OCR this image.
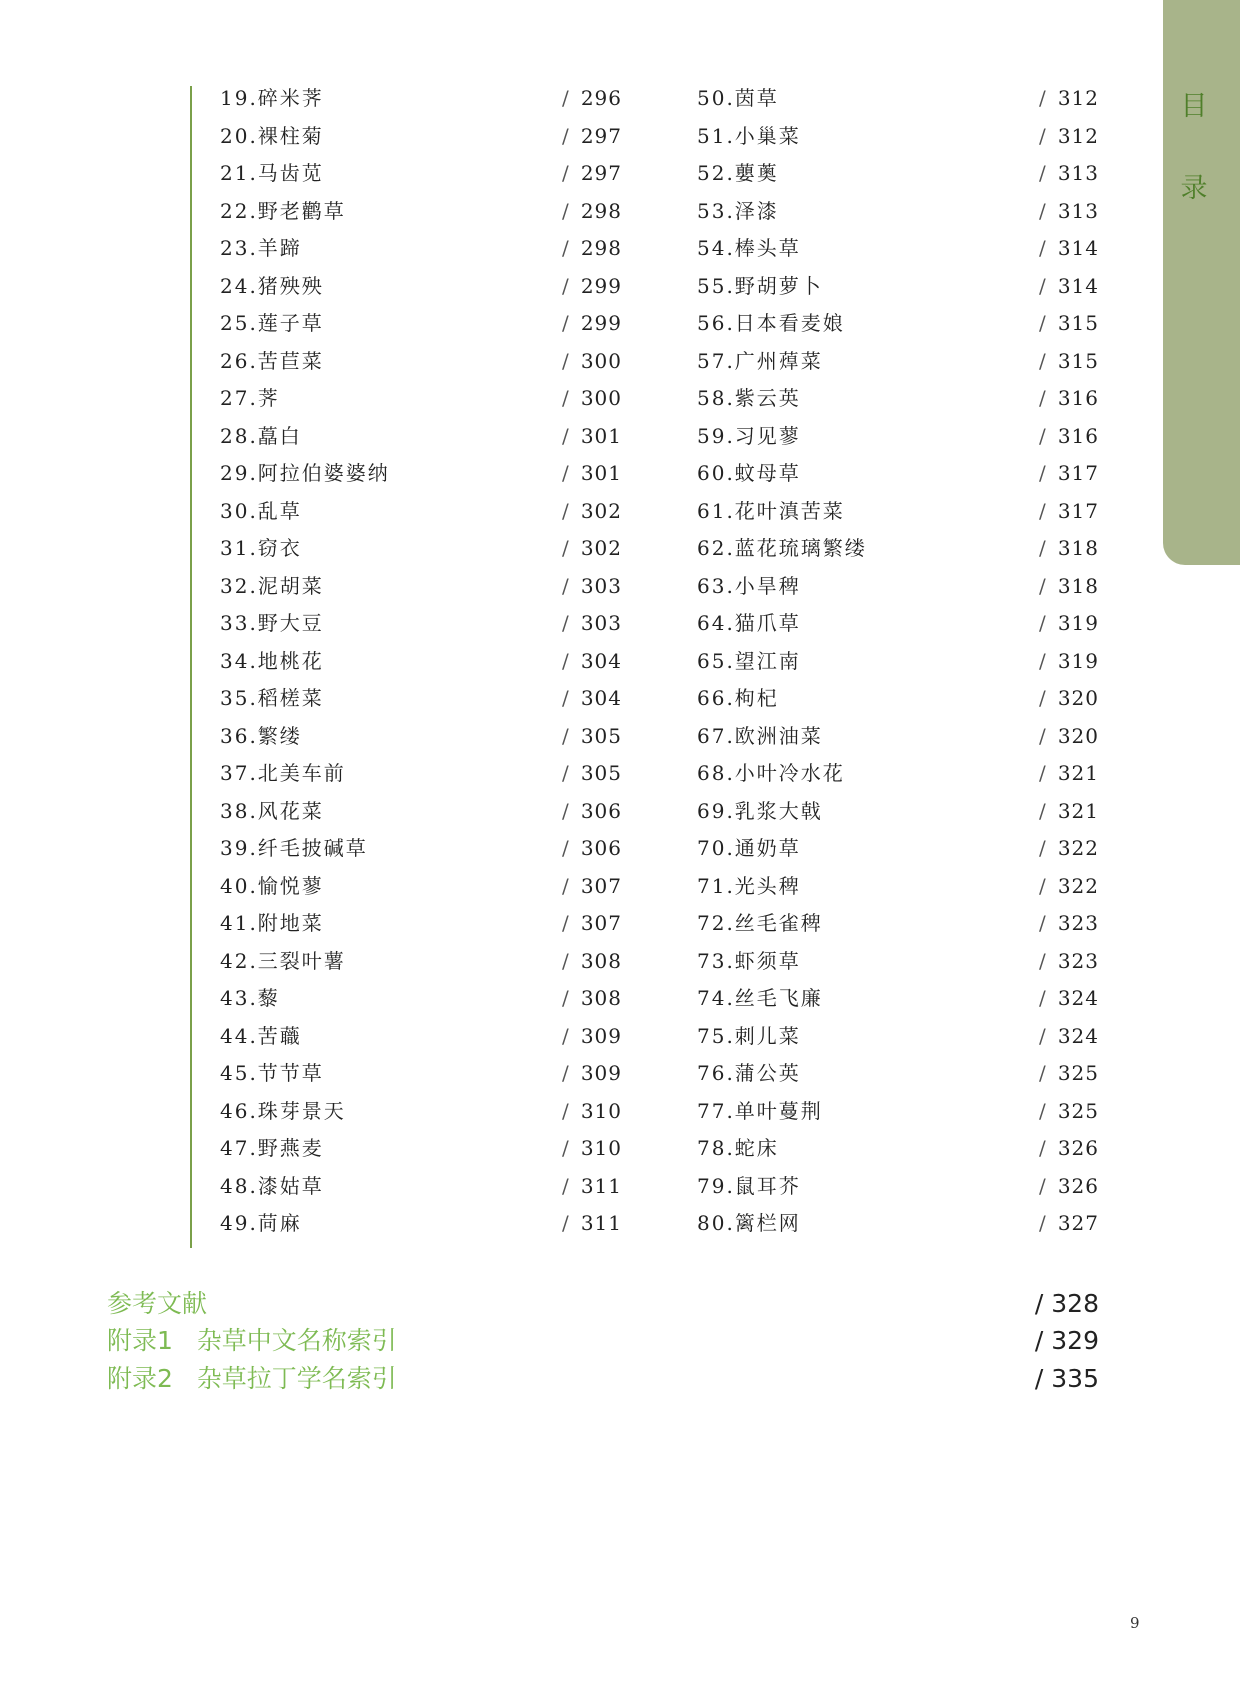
目
录
19.碎米荠	/ 296
20.裸柱菊	/ 297
21.马齿苋	/ 297
22.野老鹳草	/ 298
23.羊蹄	/ 298
24.猪殃殃	/ 299
25.莲子草	/ 299
26.苦苣菜	/ 300
27.荠	/ 300
28.藠白	/ 301
29.阿拉伯婆婆纳	/ 301
30.乱草	/ 302
31.窃衣	/ 302
32.泥胡菜	/ 303
33.野大豆	/ 303
34.地桃花	/ 304
35.稻槎菜	/ 304
36.繁缕	/ 305
37.北美车前	/ 305
38.风花菜	/ 306
39.纤毛披碱草	/ 306
40.愉悦蓼	/ 307
41.附地菜	/ 307
42.三裂叶薯	/ 308
43.藜	/ 308
44.苦蘵	/ 309
45.节节草	/ 309
46.珠芽景天	/ 310
47.野燕麦	/ 310
48.漆姑草	/ 311
49.苘麻	/ 311
50.茵草	/ 312
51.小巢菜	/ 312
52.蘡薁	/ 313
53.泽漆	/ 313
54.棒头草	/ 314
55.野胡萝卜	/ 314
56.日本看麦娘	/ 315
57.广州蔊菜	/ 315
58.紫云英	/ 316
59.习见蓼	/ 316
60.蚊母草	/ 317
61.花叶滇苦菜	/ 317
62.蓝花琉璃繁缕	/ 318
63.小旱稗	/ 318
64.猫爪草	/ 319
65.望江南	/ 319
66.枸杞	/ 320
67.欧洲油菜	/ 320
68.小叶冷水花	/ 321
69.乳浆大戟	/ 321
70.通奶草	/ 322
71.光头稗	/ 322
72.丝毛雀稗	/ 323
73.虾须草	/ 323
74.丝毛飞廉	/ 324
75.刺儿菜	/ 324
76.蒲公英	/ 325
77.单叶蔓荆	/ 325
78.蛇床	/ 326
79.鼠耳芥	/ 326
80.篱栏网	/ 327
参考文献	/ 328
附录1   杂草中文名称索引	/ 329
附录2   杂草拉丁学名索引	/ 335
9
